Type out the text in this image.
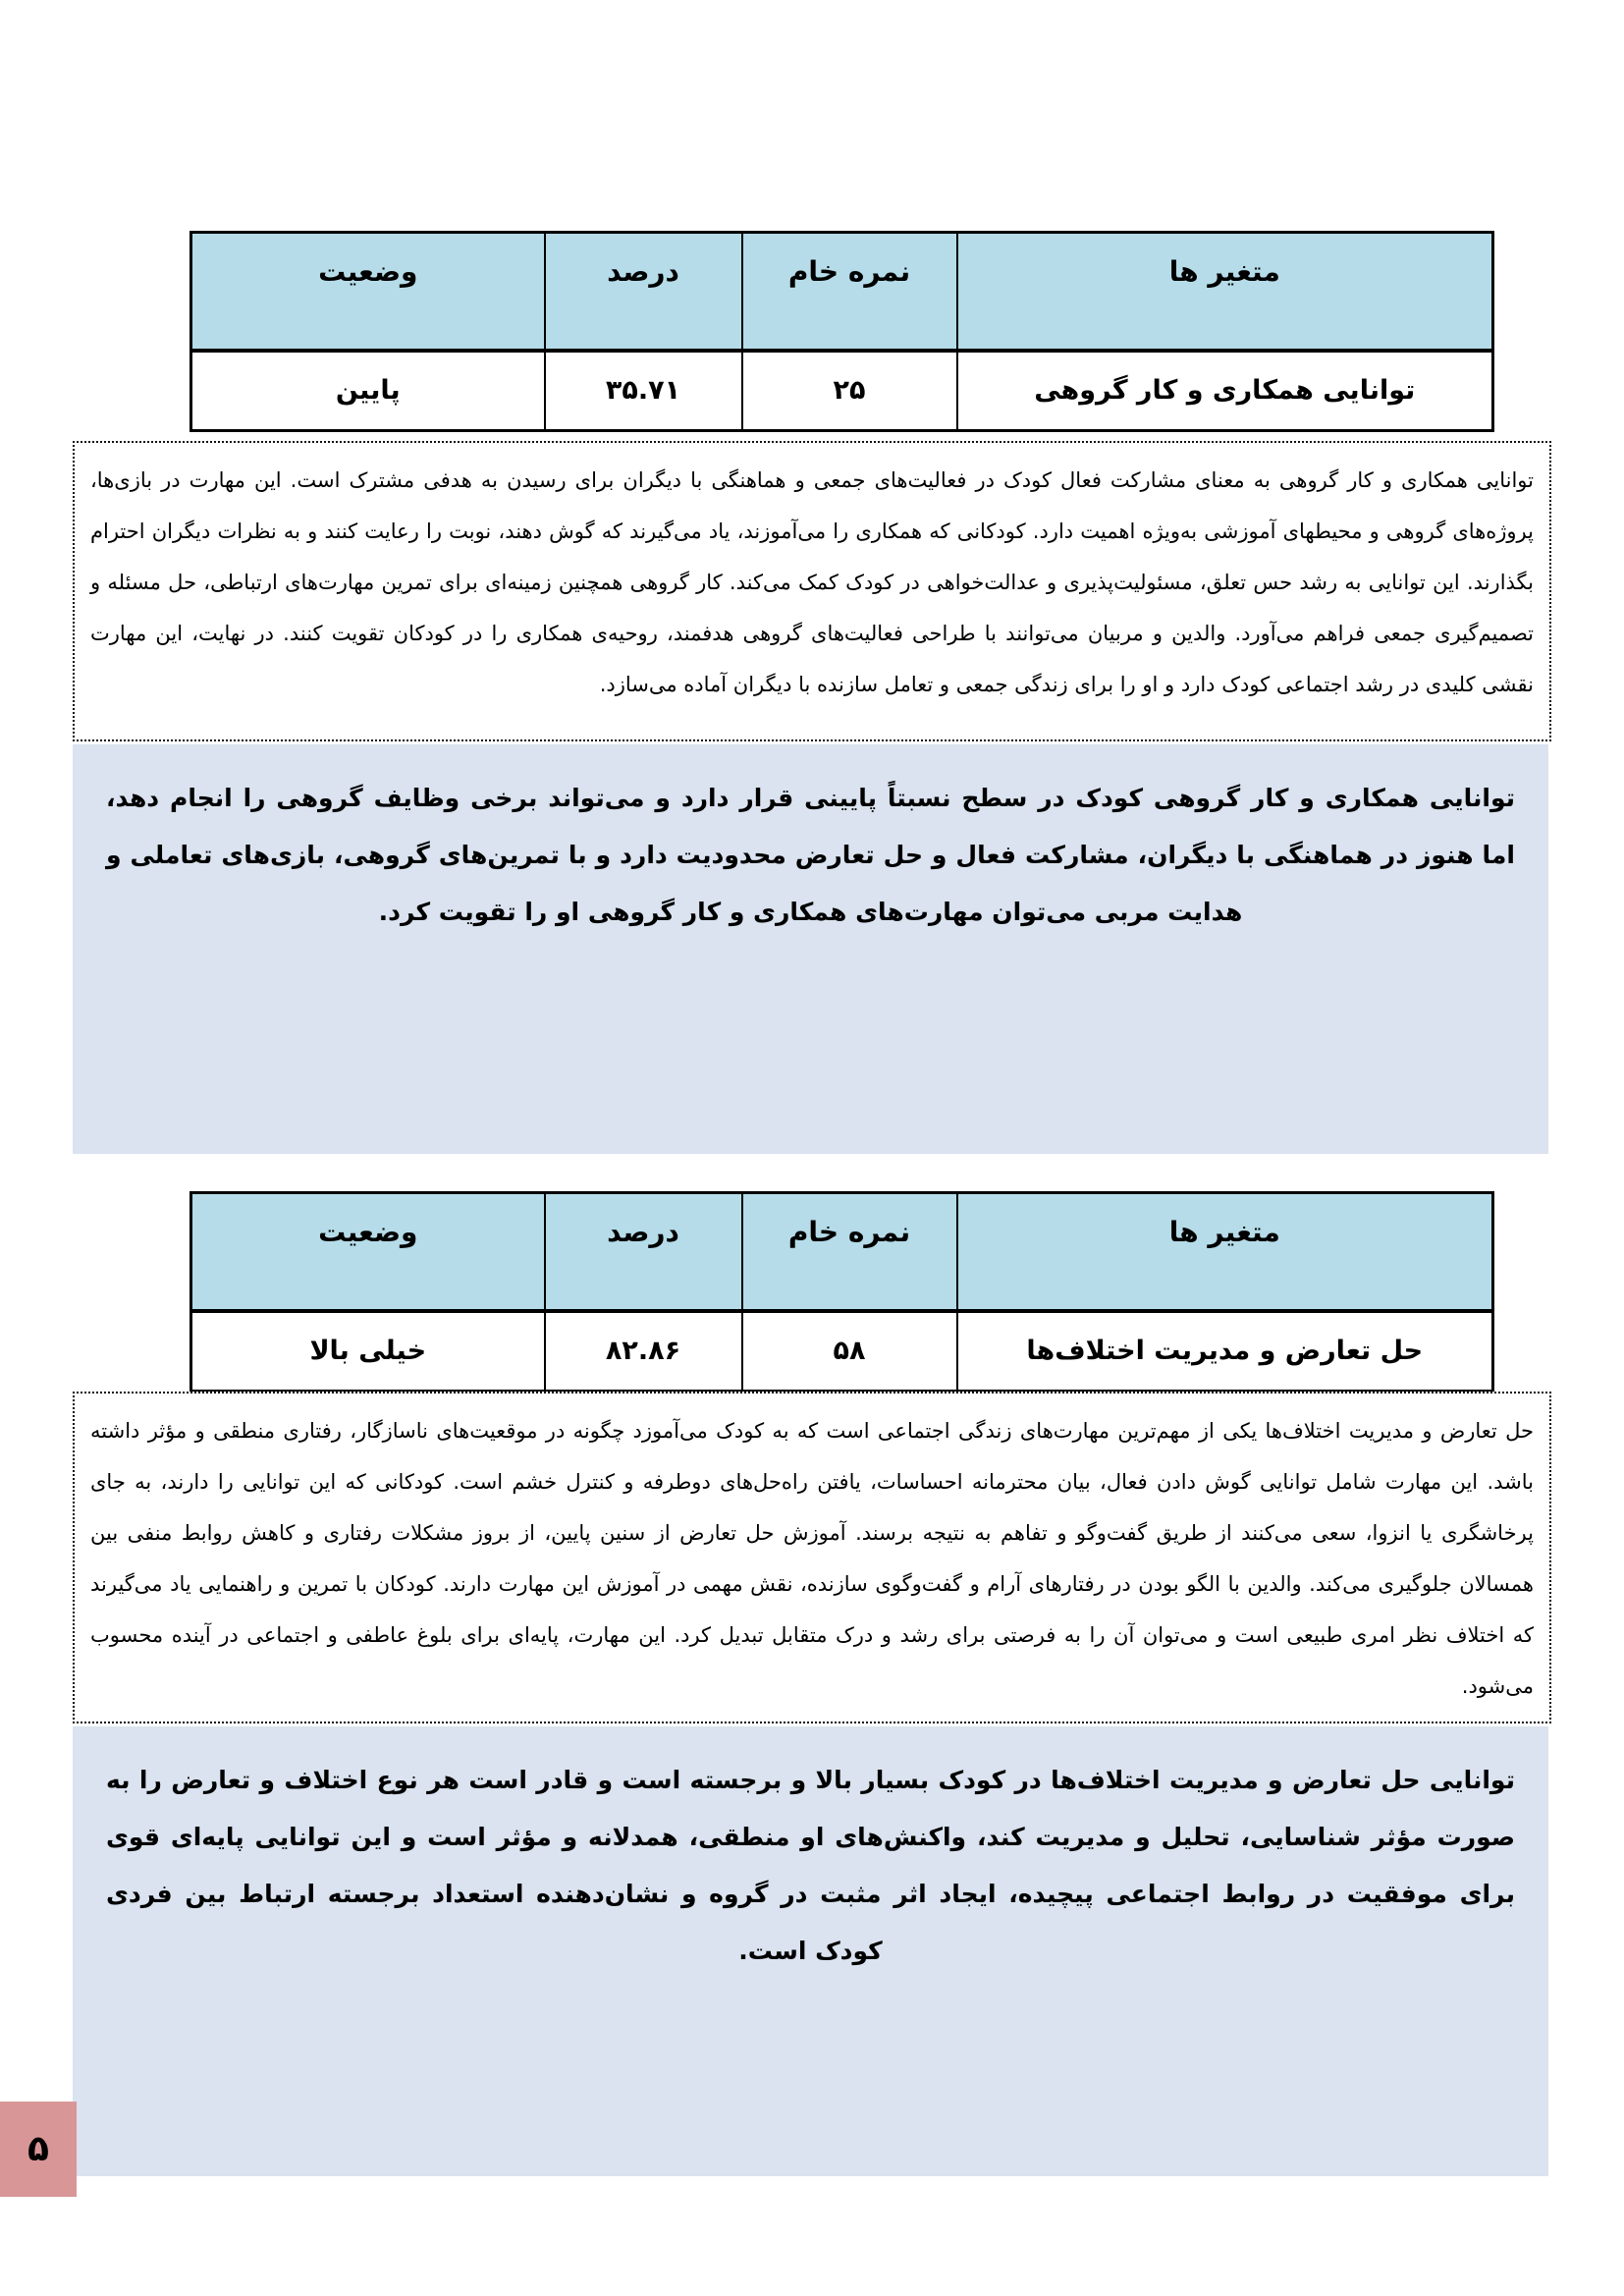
متغیر ها	نمره خام	درصد	وضعیت
توانایی همکاری و کار گروهی	۲۵	۳۵.۷۱	پایین
توانایی همکاری و کار گروهی به معنای مشارکت فعال کودک در فعالیت‌های جمعی و هماهنگی با دیگران برای رسیدن به هدفی مشترک است. این مهارت در بازی‌ها، پروژه‌های گروهی و محیطهای آموزشی به‌ویژه اهمیت دارد. کودکانی که همکاری را می‌آموزند، یاد می‌گیرند که گوش دهند، نوبت را رعایت کنند و به نظرات دیگران احترام بگذارند. این توانایی به رشد حس تعلق، مسئولیت‌پذیری و عدالت‌خواهی در کودک کمک می‌کند. کار گروهی همچنین زمینه‌ای برای تمرین مهارت‌های ارتباطی، حل مسئله و تصمیم‌گیری جمعی فراهم می‌آورد. والدین و مربیان می‌توانند با طراحی فعالیت‌های گروهی هدفمند، روحیه‌ی همکاری را در کودکان تقویت کنند. در نهایت، این مهارت نقشی کلیدی در رشد اجتماعی کودک دارد و او را برای زندگی جمعی و تعامل سازنده با دیگران آماده می‌سازد.
توانایی همکاری و کار گروهی کودک در سطح نسبتاً پایینی قرار دارد و می‌تواند برخی وظایف گروهی را انجام دهد، اما هنوز در هماهنگی با دیگران، مشارکت فعال و حل تعارض محدودیت دارد و با تمرین‌های گروهی، بازی‌های تعاملی و هدایت مربی می‌توان مهارت‌های همکاری و کار گروهی او را تقویت کرد.
متغیر ها	نمره خام	درصد	وضعیت
حل تعارض و مدیریت اختلاف‌ها	۵۸	۸۲.۸۶	خیلی بالا
حل تعارض و مدیریت اختلاف‌ها یکی از مهم‌ترین مهارت‌های زندگی اجتماعی است که به کودک می‌آموزد چگونه در موقعیت‌های ناسازگار، رفتاری منطقی و مؤثر داشته باشد. این مهارت شامل توانایی گوش دادن فعال، بیان محترمانه احساسات، یافتن راه‌حل‌های دوطرفه و کنترل خشم است. کودکانی که این توانایی را دارند، به جای پرخاشگری یا انزوا، سعی می‌کنند از طریق گفت‌وگو و تفاهم به نتیجه برسند. آموزش حل تعارض از سنین پایین، از بروز مشکلات رفتاری و کاهش روابط منفی بین همسالان جلوگیری می‌کند. والدین با الگو بودن در رفتارهای آرام و گفت‌وگوی سازنده، نقش مهمی در آموزش این مهارت دارند. کودکان با تمرین و راهنمایی یاد می‌گیرند که اختلاف نظر امری طبیعی است و می‌توان آن را به فرصتی برای رشد و درک متقابل تبدیل کرد. این مهارت، پایه‌ای برای بلوغ عاطفی و اجتماعی در آینده محسوب می‌شود.
توانایی حل تعارض و مدیریت اختلاف‌ها در کودک بسیار بالا و برجسته است و قادر است هر نوع اختلاف و تعارض را به صورت مؤثر شناسایی، تحلیل و مدیریت کند، واکنش‌های او منطقی، همدلانه و مؤثر است و این توانایی پایه‌ای قوی برای موفقیت در روابط اجتماعی پیچیده، ایجاد اثر مثبت در گروه و نشان‌دهنده استعداد برجسته ارتباط بین فردی کودک است.
۵
